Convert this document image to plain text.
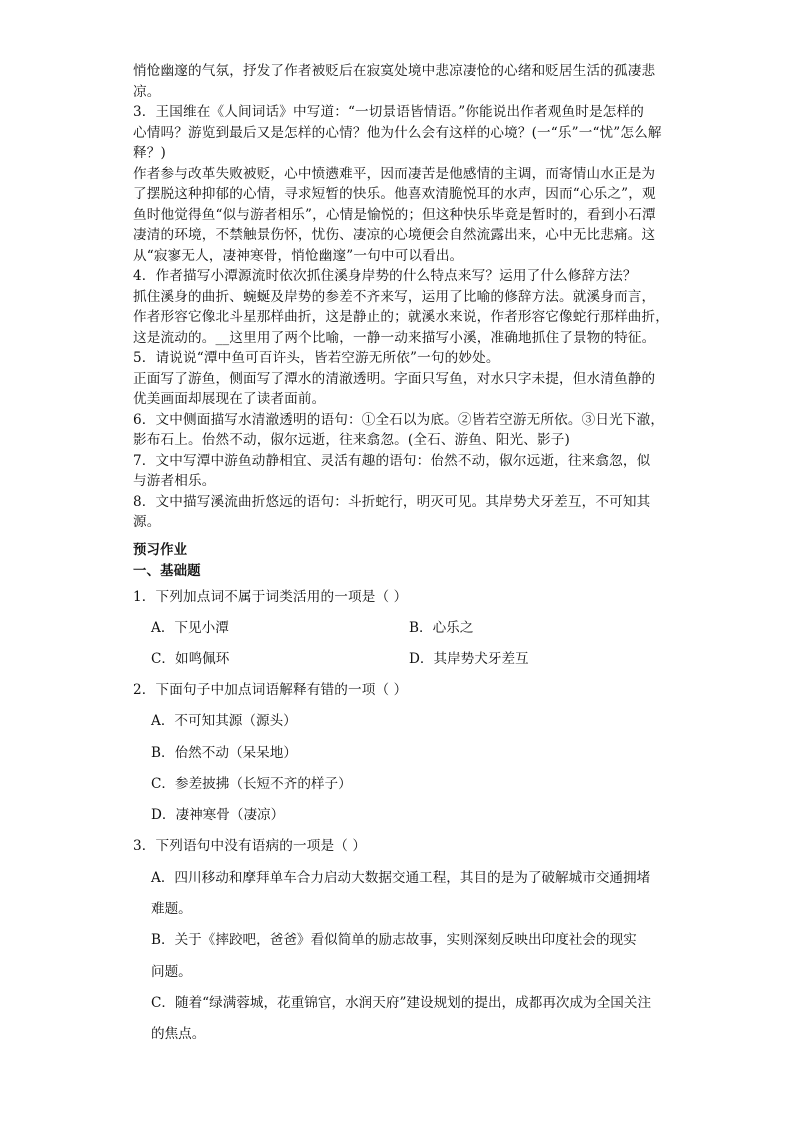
悄怆幽邃的气氛，抒发了作者被贬后在寂寞处境中悲凉凄怆的心绪和贬居生活的孤凄悲
凉。
3．王国维在《人间词话》中写道：“一切景语皆情语。”你能说出作者观鱼时是怎样的
心情吗？游览到最后又是怎样的心情？他为什么会有这样的心境？(一“乐”一“忧”怎么解
释？)
作者参与改革失败被贬，心中愤懑难平，因而凄苦是他感情的主调，而寄情山水正是为
了摆脱这种抑郁的心情，寻求短暂的快乐。他喜欢清脆悦耳的水声，因而“心乐之”，观
鱼时他觉得鱼“似与游者相乐”，心情是愉悦的；但这种快乐毕竟是暂时的，看到小石潭
凄清的环境，不禁触景伤怀，忧伤、凄凉的心境便会自然流露出来，心中无比悲痛。这
从“寂寥无人，凄神寒骨，悄怆幽邃”一句中可以看出。
4．作者描写小潭源流时依次抓住溪身岸势的什么特点来写？运用了什么修辞方法？
抓住溪身的曲折、蜿蜒及岸势的参差不齐来写，运用了比喻的修辞方法。就溪身而言，
作者形容它像北斗星那样曲折，这是静止的；就溪水来说，作者形容它像蛇行那样曲折，
这是流动的。__这里用了两个比喻，一静一动来描写小溪，准确地抓住了景物的特征。
5．请说说“潭中鱼可百许头，皆若空游无所依”一句的妙处。
正面写了游鱼，侧面写了潭水的清澈透明。字面只写鱼，对水只字未提，但水清鱼静的
优美画面却展现在了读者面前。
6．文中侧面描写水清澈透明的语句：①全石以为底。②皆若空游无所依。③日光下澈，
影布石上。佁然不动，俶尔远逝，往来翕忽。(全石、游鱼、阳光、影子)
7．文中写潭中游鱼动静相宜、灵活有趣的语句：佁然不动，俶尔远逝，往来翕忽，似
与游者相乐。
8．文中描写溪流曲折悠远的语句：斗折蛇行，明灭可见。其岸势犬牙差互，不可知其
源。
预习作业
一、基础题
1．下列加点词不属于词类活用的一项是（ ）
A．下见小潭	B．心乐之
C．如鸣佩环	D．其岸势犬牙差互
2．下面句子中加点词语解释有错的一项（ ）
A．不可知其源（源头）
B．佁然不动（呆呆地）
C．参差披拂（长短不齐的样子）
D．凄神寒骨（凄凉）
3．下列语句中没有语病的一项是（ ）
A．四川移动和摩拜单车合力启动大数据交通工程，其目的是为了破解城市交通拥堵
难题。
B．关于《摔跤吧，爸爸》看似简单的励志故事，实则深刻反映出印度社会的现实
问题。
C．随着“绿满蓉城，花重锦官，水润天府”建设规划的提出，成都再次成为全国关注
的焦点。
